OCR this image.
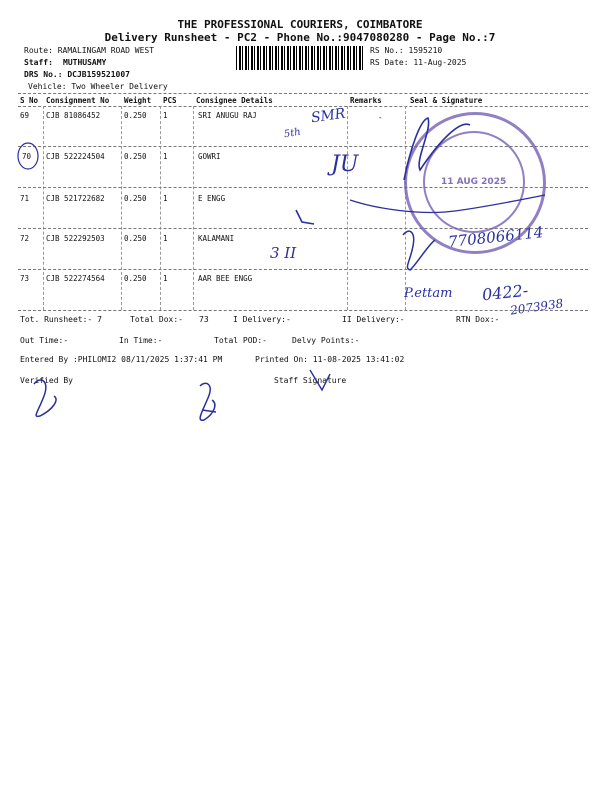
THE PROFESSIONAL COURIERS, COIMBATORE
Delivery Runsheet - PC2 - Phone No.:9047080280 - Page No.:7
Route: RAMALINGAM ROAD WEST
Staff: MUTHUSAMY
DRS No.: DCJB159521007
Vehicle: Two Wheeler Delivery
RS No.: 1595210
RS Date: 11-Aug-2025
S No Consignment No Weight PCS	Consignee Details	Remarks	Seal & Signature
69 CJB 81086452	0.250 1	SRI ANUGU RAJ	-
70 CJB 522224504	0.250 1	GOWRI
71 CJB 521722682	0.250 1	E ENGG
72 CJB 522292503	0.250 1	KALAMANI
73 CJB 522274564	0.250 1	AAR BEE ENGG
Tot. Runsheet:- 7	Total Dox:- 73	I Delivery:-	II Delivery:-	RTN Dox:-
Out Time:-	In Time:-	Total POD:-	Delvy Points:-
Entered By :PHILOMI2 08/11/2025 1:37:41 PM	Printed On: 11-08-2025 13:41:02
Verified By	Staff Signature
SMR
5th
JU
3 II
7708066114
P.ettam 0422-
2073938
11 AUG 2025
